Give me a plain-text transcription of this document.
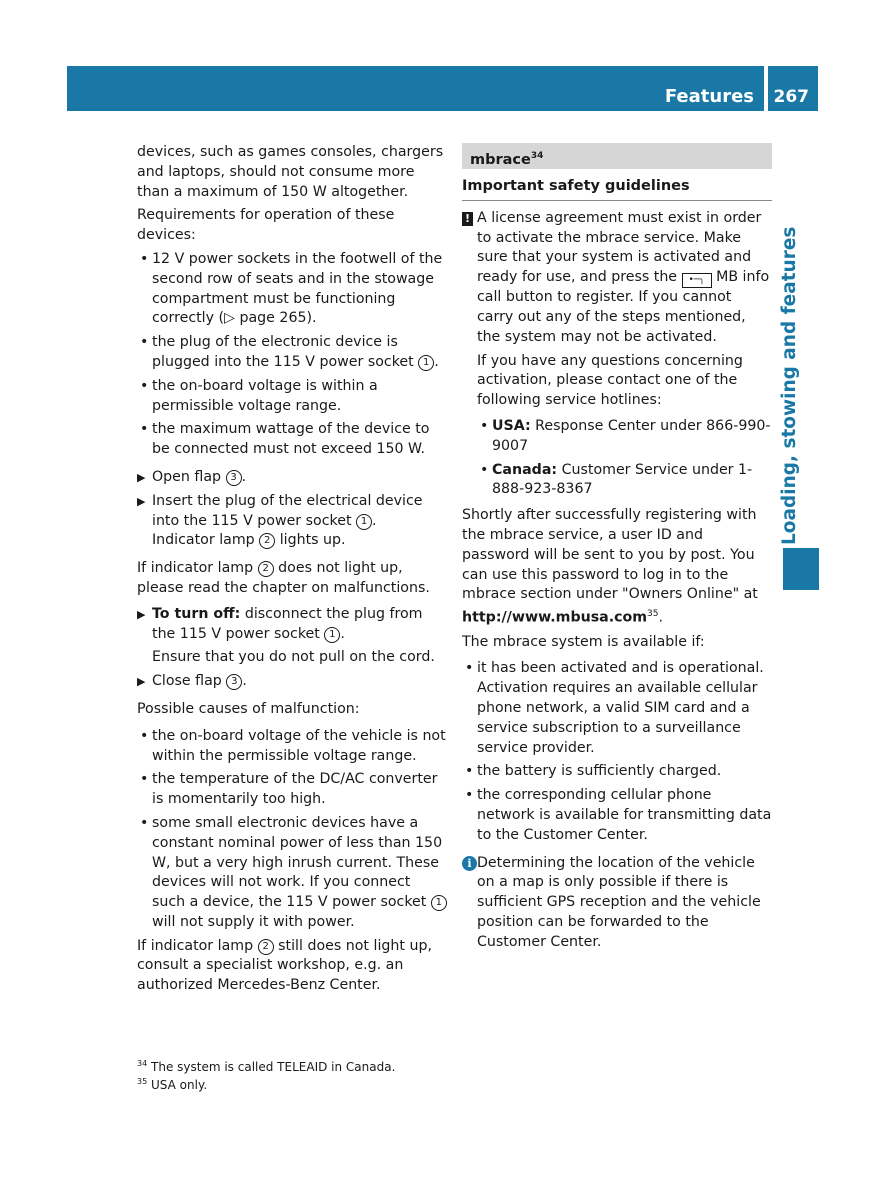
Features 267
Loading, stowing and features

devices, such as games consoles, chargers and laptops, should not consume more than a maximum of 150 W altogether.

Requirements for operation of these devices:

• 12 V power sockets in the footwell of the second row of seats and in the stowage compartment must be functioning correctly (▷ page 265).
• the plug of the electronic device is plugged into the 115 V power socket 1 .
• the on-board voltage is within a permissible voltage range.
• the maximum wattage of the device to be connected must not exceed 150 W.
▶ Open flap 3 .
▶ Insert the plug of the electrical device into the 115 V power socket 1 .

Indicator lamp 2 lights up.

If indicator lamp 2 does not light up, please read the chapter on malfunctions.

▶ To turn off: disconnect the plug from the 115 V power socket 1 .

Ensure that you do not pull on the cord.

▶ Close flap 3 .

Possible causes of malfunction:

• the on-board voltage of the vehicle is not within the permissible voltage range.
• the temperature of the DC/AC converter is momentarily too high.
• some small electronic devices have a constant nominal power of less than 150 W, but a very high inrush current. These devices will not work. If you connect such a device, the 115 V power socket 1 will not supply it with power.

If indicator lamp 2 still does not light up, consult a specialist workshop, e.g. an authorized Mercedes-Benz Center.

mbrace$^{34}$
Important safety guidelines
! A license agreement must exist in order to activate the mbrace service. Make sure that your system is activated and ready for use, and press the •─╮ MB info call button to register. If you cannot carry out any of the steps mentioned, the system may not be activated.

If you have any questions concerning activation, please contact one of the following service hotlines:

• USA: Response Center under 866-990-9007
• Canada: Customer Service under 1-888-923-8367

Shortly after successfully registering with the mbrace service, a user ID and password will be sent to you by post. You can use this password to log in to the mbrace section under "Owners Online" at http://www.mbusa.com$^{35}$.

The mbrace system is available if:

• it has been activated and is operational. Activation requires an available cellular phone network, a valid SIM card and a service subscription to a surveillance service provider.
• the battery is sufficiently charged.
• the corresponding cellular phone network is available for transmitting data to the Customer Center.
i Determining the location of the vehicle on a map is only possible if there is sufficient GPS reception and the vehicle position can be forwarded to the Customer Center.
$^{34}$ The system is called TELEAID in Canada.
$^{35}$ USA only.
